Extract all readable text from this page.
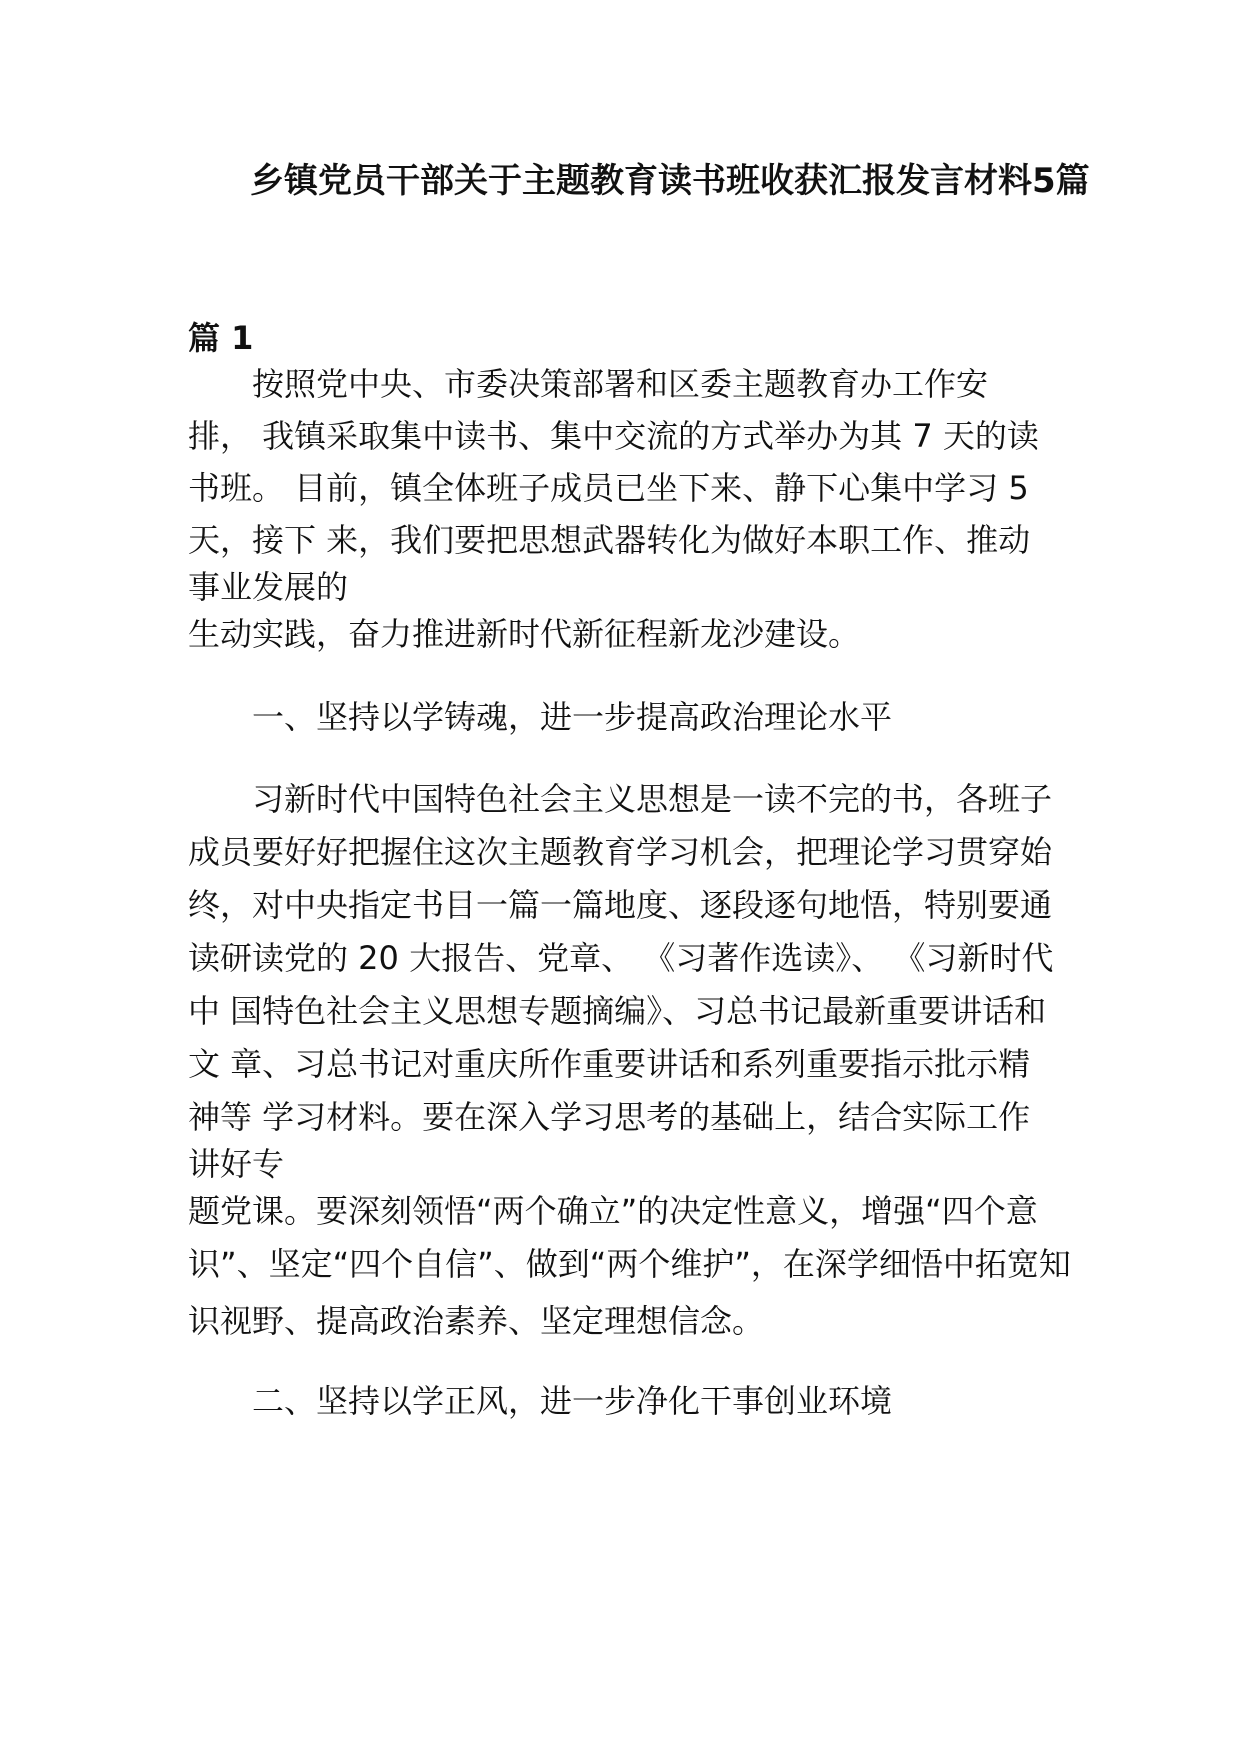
乡镇党员干部关于主题教育读书班收获汇报发言材料5篇
篇 1
按照党中央、市委决策部署和区委主题教育办工作安
排， 我镇采取集中读书、集中交流的方式举办为其 7 天的读
书班。 目前，镇全体班子成员已坐下来、静下心集中学习 5
天，接下 来，我们要把思想武器转化为做好本职工作、推动
事业发展的
生动实践，奋力推进新时代新征程新龙沙建设。
一、坚持以学铸魂，进一步提高政治理论水平
习新时代中国特色社会主义思想是一读不完的书，各班子
成员要好好把握住这次主题教育学习机会，把理论学习贯穿始
终，对中央指定书目一篇一篇地度、逐段逐句地悟，特别要通
读研读党的 20 大报告、党章、 《习著作选读》、 《习新时代
中 国特色社会主义思想专题摘编》、习总书记最新重要讲话和
文 章、习总书记对重庆所作重要讲话和系列重要指示批示精
神等 学习材料。要在深入学习思考的基础上，结合实际工作
讲好专
题党课。要深刻领悟“两个确立”的决定性意义，增强“四个意
识”、坚定“四个自信”、做到“两个维护”，在深学细悟中拓宽知
识视野、提高政治素养、坚定理想信念。
二、坚持以学正风，进一步净化干事创业环境
